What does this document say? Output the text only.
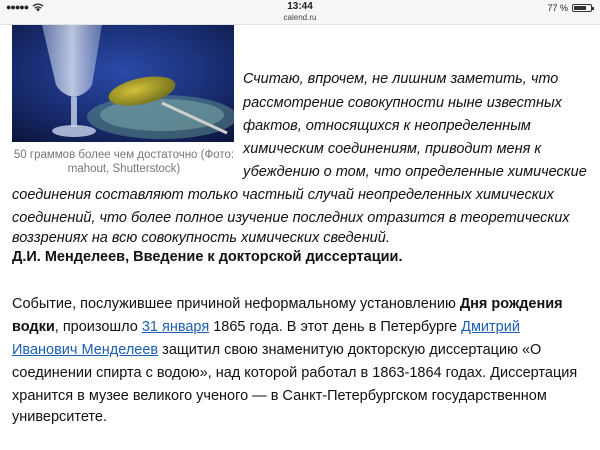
●●●●●	13:44
calend.ru
77 %
50 граммов более чем достаточно (Фото:
mahout, Shutterstock)
Считаю, впрочем, не лишним заметить, что
рассмотрение совокупности ныне известных
фактов, относящихся к неопределенным
химическим соединениям, приводит меня к
убеждению о том, что определенные химические
соединения составляют только частный случай неопределенных химических
соединений, что более полное изучение последних отразится в теоретических
воззрениях на всю совокупность химических сведений.
Д.И. Менделеев, Введение к докторской диссертации.
Событие, послужившее причиной неформальному установлению Дня рождения
водки, произошло 31 января 1865 года. В этот день в Петербурге Дмитрий
Иванович Менделеев защитил свою знаменитую докторскую диссертацию «О
соединении спирта с водою», над которой работал в 1863-1864 годах. Диссертация
хранится в музее великого ученого — в Санкт-Петербургском государственном
университете.
